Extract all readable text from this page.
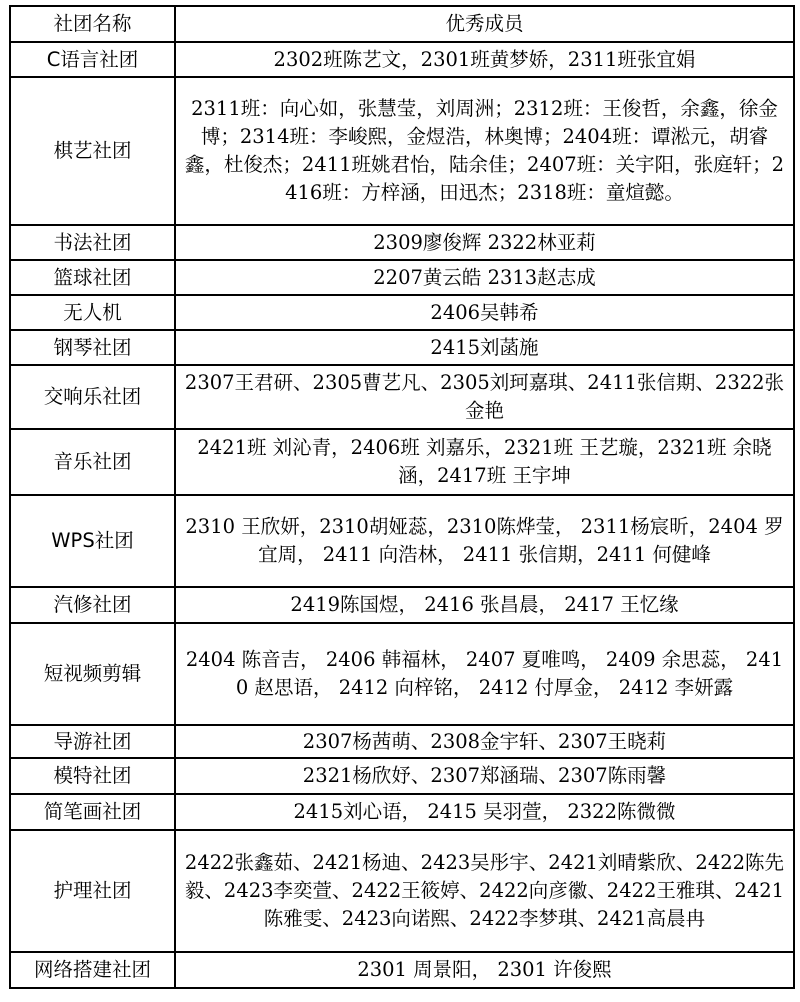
社团名称	优秀成员
C语言社团	2302班陈艺文，2301班黄梦娇，2311班张宜娟
棋艺社团	2311班：向心如，张慧莹，刘周洲；2312班：王俊哲，余鑫，徐金博；2314班：李峻熙，金煜浩，林奥博；2404班：谭淞元，胡睿鑫，杜俊杰；2411班姚君怡，陆余佳；2407班：关宇阳，张庭轩；2416班：方梓涵，田迅杰；2318班：童煊懿。
书法社团	2309廖俊辉 2322林亚莉
篮球社团	2207黄云皓 2313赵志成
无人机	2406吴韩希
钢琴社团	2415刘菡施
交响乐社团	2307王君研、2305曹艺凡、2305刘珂嘉琪、2411张信期、2322张金艳
音乐社团	2421班 刘沁青，2406班 刘嘉乐，2321班 王艺璇，2321班 余晓涵，2417班 王宇坤
WPS社团	2310 王欣妍，2310胡娅蕊，2310陈烨莹， 2311杨宸昕，2404 罗宜周， 2411 向浩林， 2411 张信期，2411 何健峰
汽修社团	2419陈国煜， 2416 张昌晨， 2417 王忆缘
短视频剪辑	2404 陈音吉， 2406 韩福林， 2407 夏唯鸣， 2409 余思蕊， 2410 赵思语， 2412 向梓铭， 2412 付厚金， 2412 李妍露
导游社团	2307杨茜萌、2308金宇轩、2307王晓莉
模特社团	2321杨欣妤、2307郑涵瑞、2307陈雨馨
简笔画社团	2415刘心语， 2415 吴羽萱， 2322陈微微
护理社团	2422张鑫茹、2421杨迪、2423吴彤宇、2421刘晴紫欣、2422陈先毅、2423李奕萱、2422王筱婷、2422向彦徽、2422王雅琪、2421陈雅雯、2423向诺熙、2422李梦琪、2421高晨冉
网络搭建社团	2301 周景阳， 2301 许俊熙
